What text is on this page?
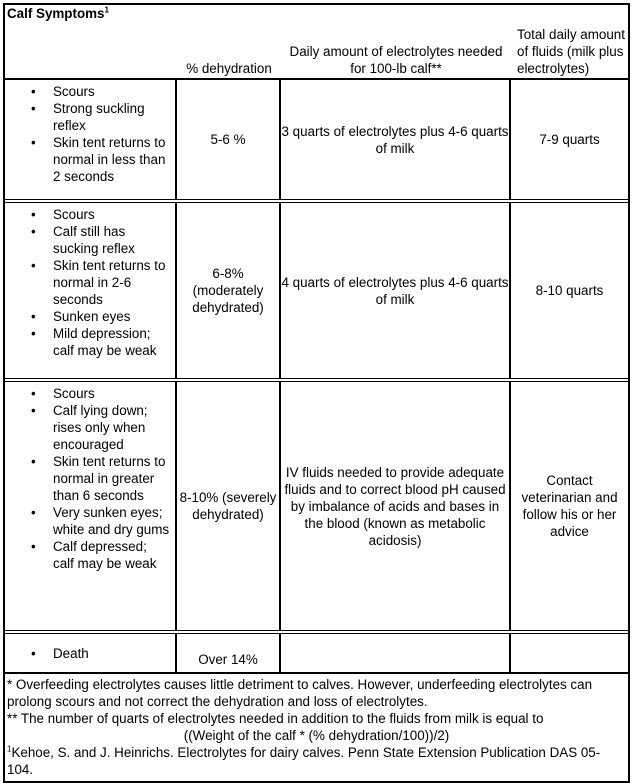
Calf Symptoms$^1$
% dehydration
Daily amount of electrolytes needed for 100-lb calf**
Total daily amount of fluids (milk plus electrolytes)
• Scours
• Strong suckling reflex
• Skin tent returns to normal in less than 2 seconds
5-6 %
3 quarts of electrolytes plus 4-6 quarts of milk
7-9 quarts
• Scours
• Calf still has sucking reflex
• Skin tent returns to normal in 2-6 seconds
• Sunken eyes
• Mild depression; calf may be weak
6-8% (moderately dehydrated)
4 quarts of electrolytes plus 4-6 quarts of milk
8-10 quarts
• Scours
• Calf lying down; rises only when encouraged
• Skin tent returns to normal in greater than 6 seconds
• Very sunken eyes; white and dry gums
• Calf depressed; calf may be weak
8-10% (severely dehydrated)
IV fluids needed to provide adequate fluids and to correct blood pH caused by imbalance of acids and bases in the blood (known as metabolic acidosis)
Contact veterinarian and follow his or her advice
• Death	Over 14%
* Overfeeding electrolytes causes little detriment to calves. However, underfeeding electrolytes can prolong scours and not correct the dehydration and loss of electrolytes.
** The number of quarts of electrolytes needed in addition to the fluids from milk is equal to
((Weight of the calf * (% dehydration/100))/2)
$^1$Kehoe, S. and J. Heinrichs. Electrolytes for dairy calves. Penn State Extension Publication DAS 05-104.
